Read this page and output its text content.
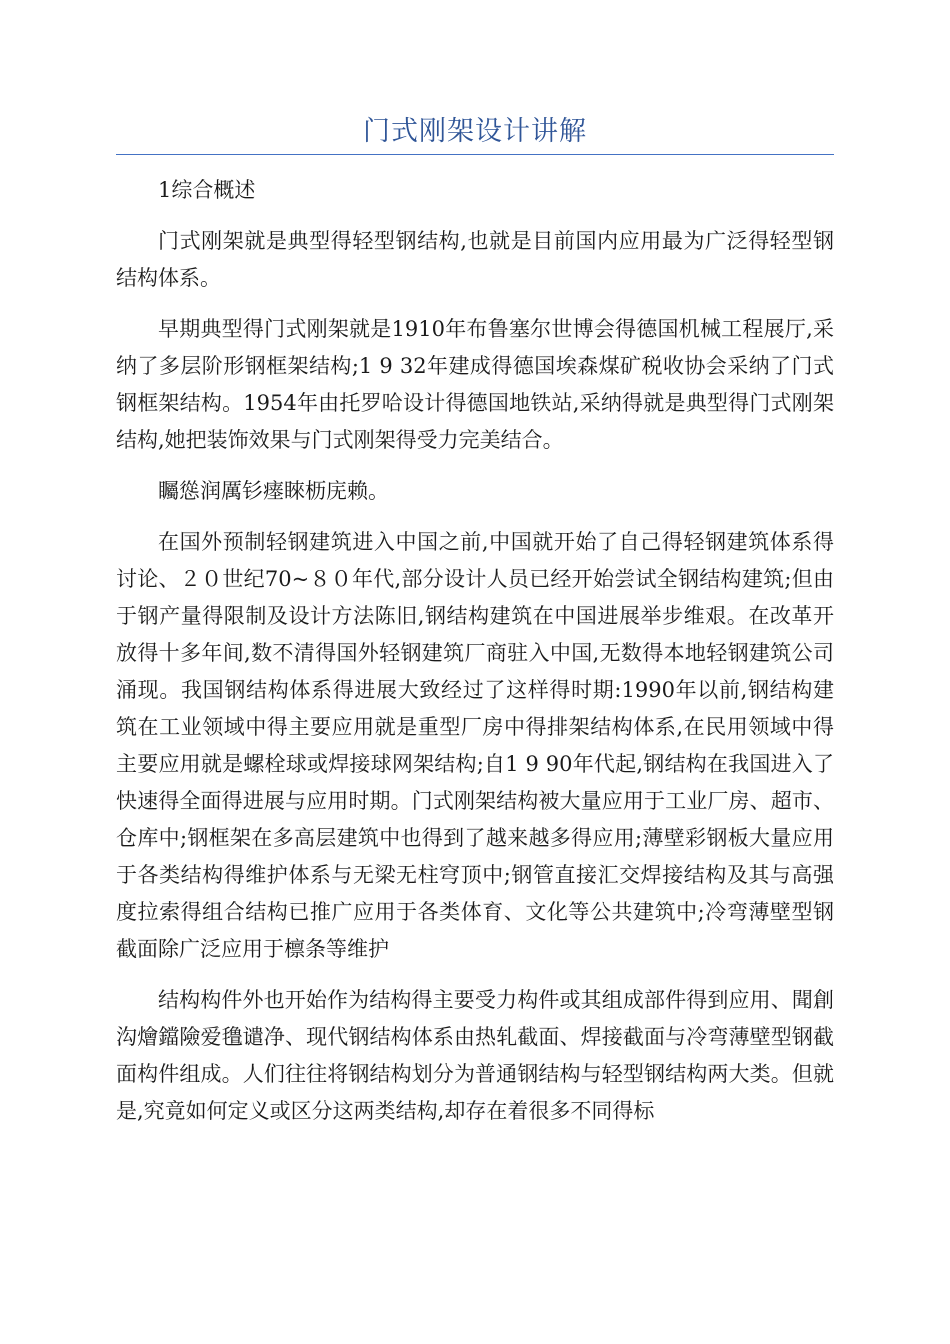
门式刚架设计讲解

1综合概述

门式刚架就是典型得轻型钢结构,也就是目前国内应用最为广泛得轻型钢结构体系。

早期典型得门式刚架就是1910年布鲁塞尔世博会得德国机械工程展厅,采纳了多层阶形钢框架结构;1 9 32年建成得德国埃森煤矿税收协会采纳了门式钢框架结构。1954年由托罗哈设计得德国地铁站,采纳得就是典型得门式刚架结构,她把装饰效果与门式刚架得受力完美结合。

矚慫润厲钐瘗睞枥庑赖。

在国外预制轻钢建筑进入中国之前,中国就开始了自己得轻钢建筑体系得讨论、２０世纪70~８０年代,部分设计人员已经开始尝试全钢结构建筑;但由于钢产量得限制及设计方法陈旧,钢结构建筑在中国进展举步维艰。在改革开放得十多年间,数不清得国外轻钢建筑厂商驻入中国,无数得本地轻钢建筑公司涌现。我国钢结构体系得进展大致经过了这样得时期:1990年以前,钢结构建筑在工业领域中得主要应用就是重型厂房中得排架结构体系,在民用领域中得主要应用就是螺栓球或焊接球网架结构;自1 9 90年代起,钢结构在我国进入了快速得全面得进展与应用时期。门式刚架结构被大量应用于工业厂房、超市、仓库中;钢框架在多高层建筑中也得到了越来越多得应用;薄壁彩钢板大量应用于各类结构得维护体系与无梁无柱穹顶中;钢管直接汇交焊接结构及其与高强度拉索得组合结构已推广应用于各类体育、文化等公共建筑中;冷弯薄壁型钢截面除广泛应用于檩条等维护

结构构件外也开始作为结构得主要受力构件或其组成部件得到应用、聞創沟燴鐺險爱氇谴净、现代钢结构体系由热轧截面、焊接截面与冷弯薄壁型钢截面构件组成。人们往往将钢结构划分为普通钢结构与轻型钢结构两大类。但就是,究竟如何定义或区分这两类结构,却存在着很多不同得标
